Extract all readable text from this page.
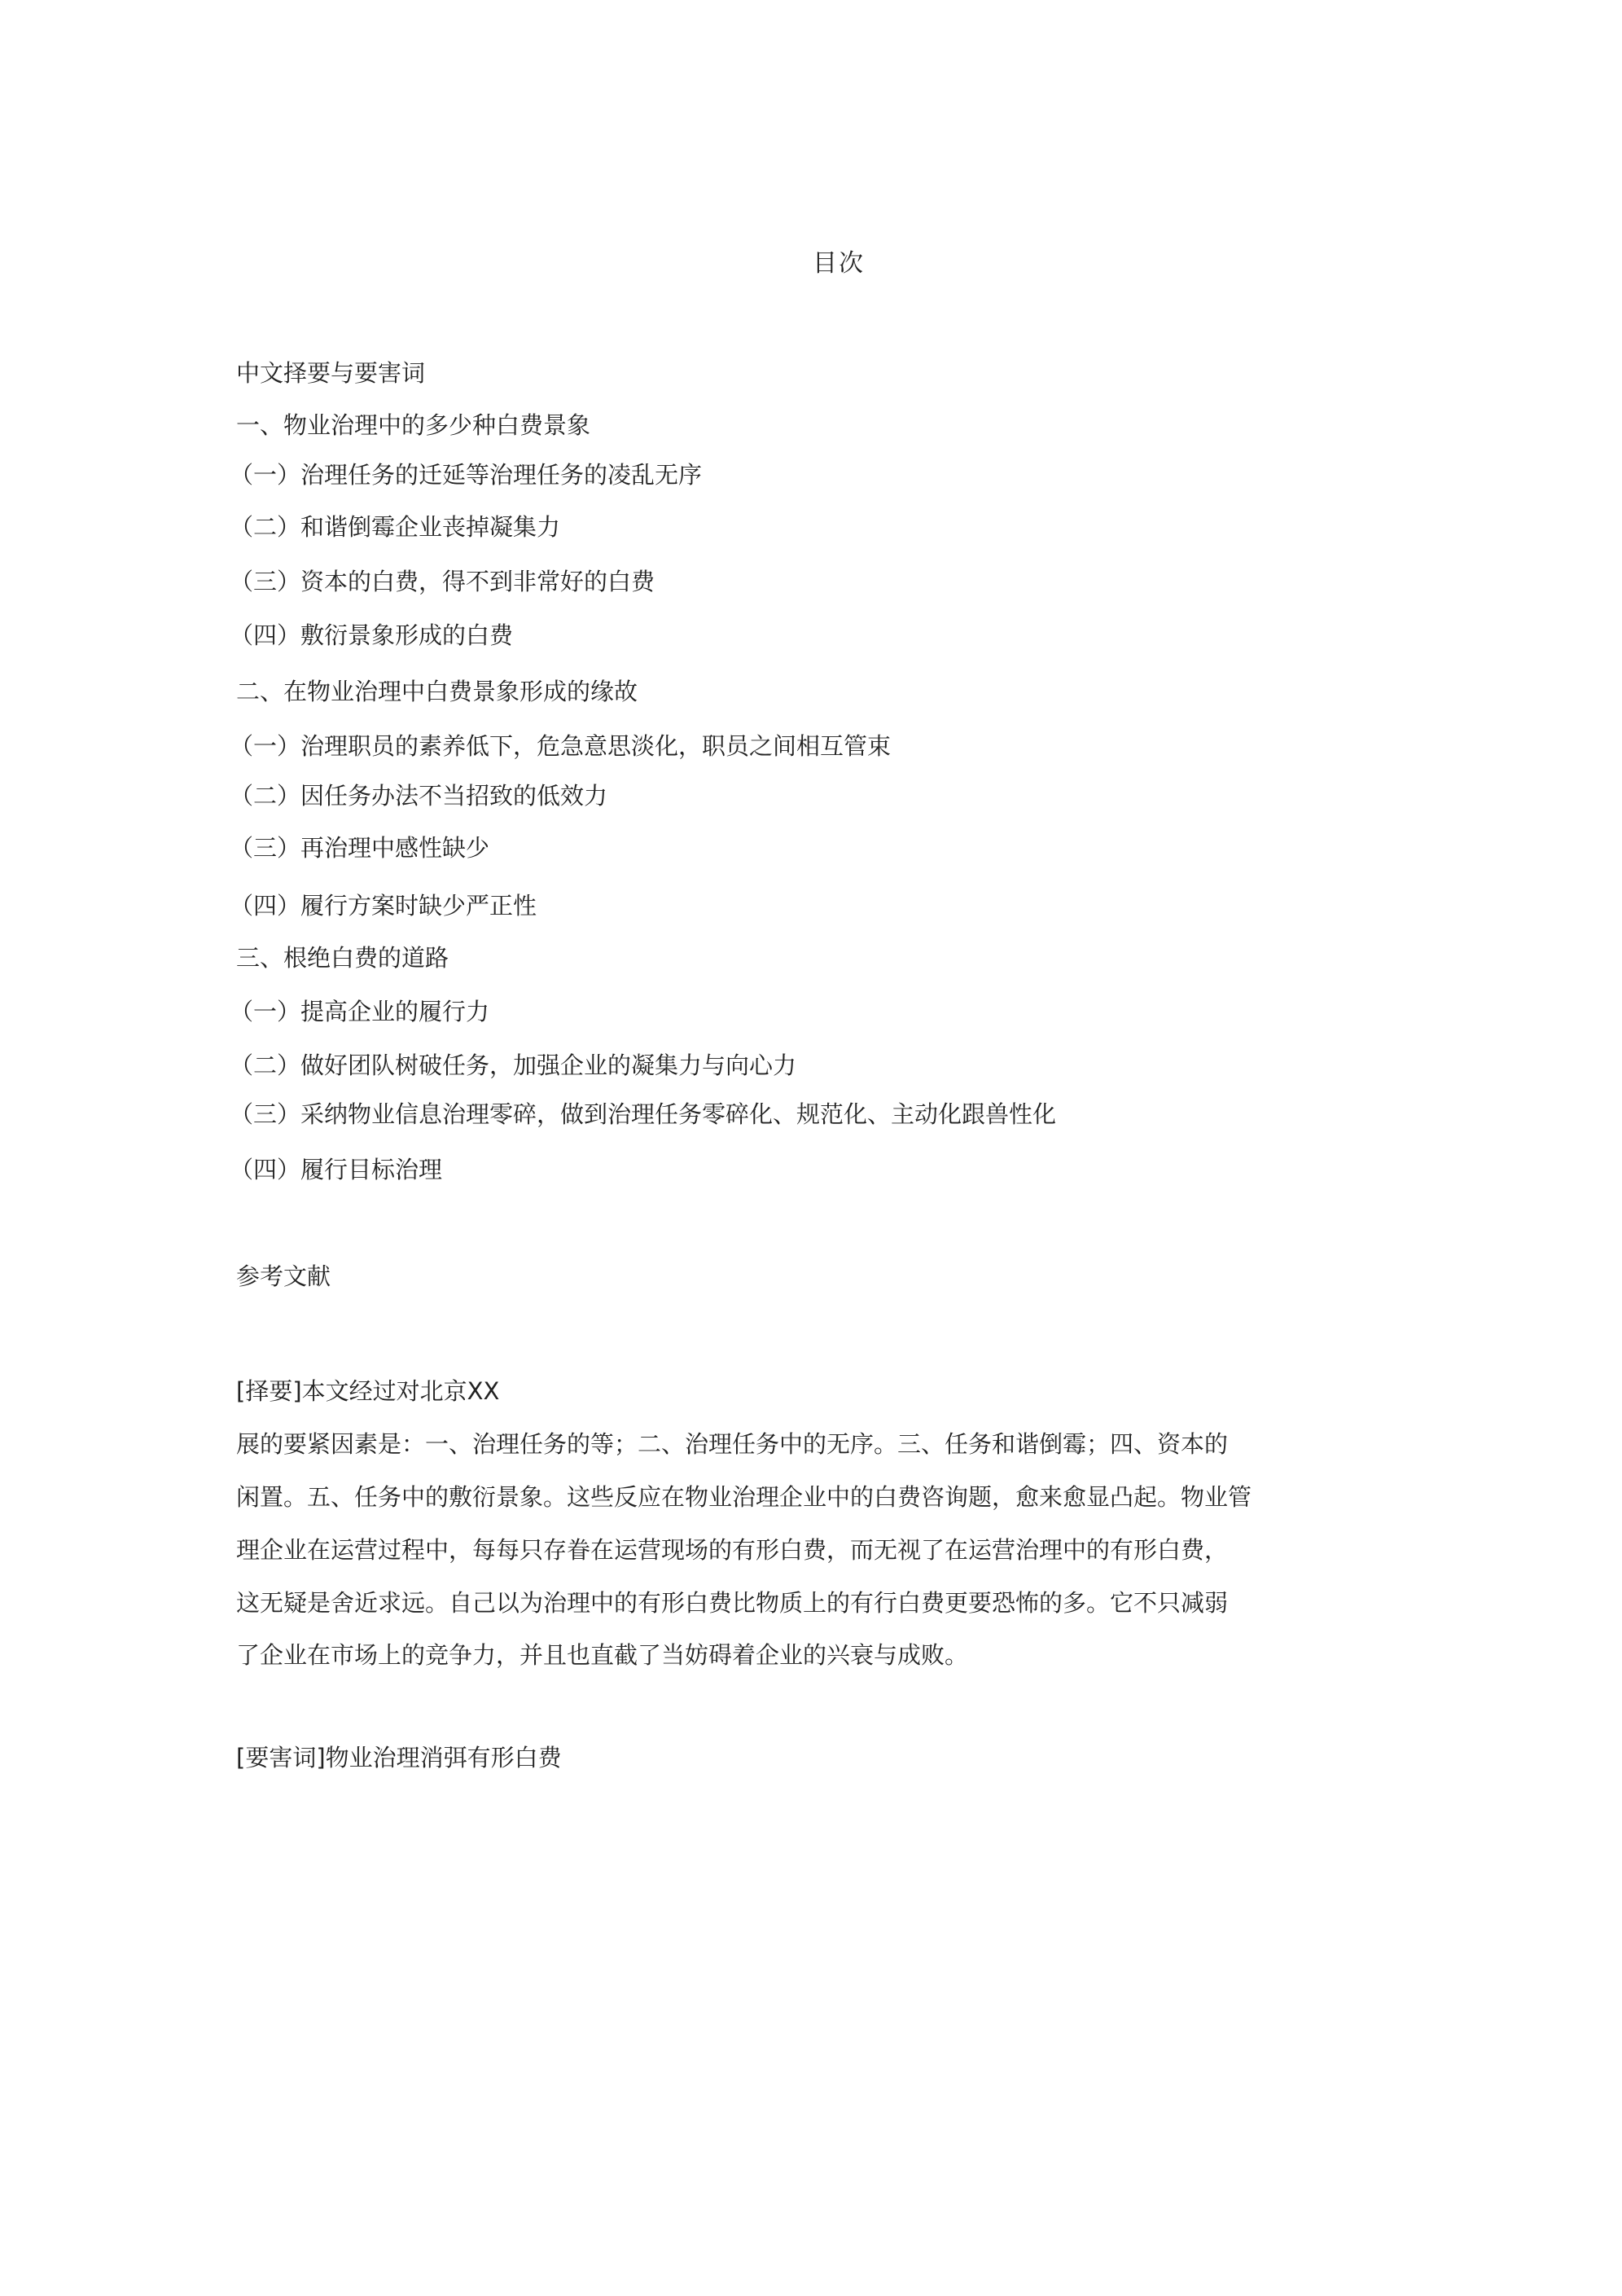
目次
中文择要与要害词
一、物业治理中的多少种白费景象
（一）治理任务的迁延等治理任务的凌乱无序
（二）和谐倒霉企业丧掉凝集力
（三）资本的白费，得不到非常好的白费
（四）敷衍景象形成的白费
二、在物业治理中白费景象形成的缘故
（一）治理职员的素养低下，危急意思淡化，职员之间相互管束
（二）因任务办法不当招致的低效力
（三）再治理中感性缺少
（四）履行方案时缺少严正性
三、根绝白费的道路
（一）提高企业的履行力
（二）做好团队树破任务，加强企业的凝集力与向心力
（三）采纳物业信息治理零碎，做到治理任务零碎化、规范化、主动化跟兽性化
（四）履行目标治理
参考文献
[择要]本文经过对北京XX
展的要紧因素是：一、治理任务的等；二、治理任务中的无序。三、任务和谐倒霉；四、资本的
闲置。五、任务中的敷衍景象。这些反应在物业治理企业中的白费咨询题，愈来愈显凸起。物业管
理企业在运营过程中，每每只存眷在运营现场的有形白费，而无视了在运营治理中的有形白费，
这无疑是舍近求远。自己以为治理中的有形白费比物质上的有行白费更要恐怖的多。它不只减弱
了企业在市场上的竞争力，并且也直截了当妨碍着企业的兴衰与成败。
[要害词]物业治理消弭有形白费
